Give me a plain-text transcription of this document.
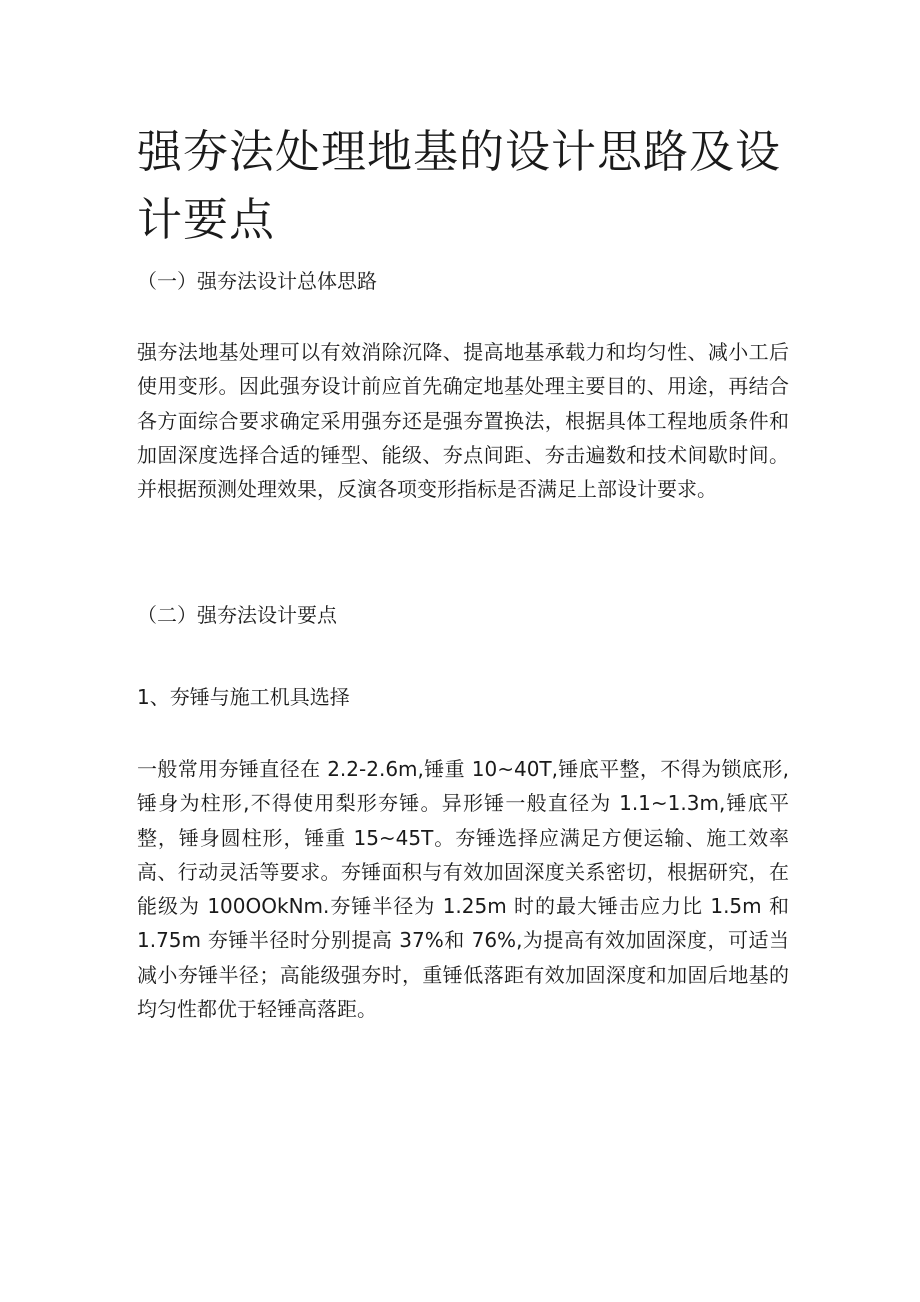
强夯法处理地基的设计思路及设计要点

（一）强夯法设计总体思路

强夯法地基处理可以有效消除沉降、提高地基承载力和均匀性、减小工后使用变形。因此强夯设计前应首先确定地基处理主要目的、用途，再结合各方面综合要求确定采用强夯还是强夯置换法，根据具体工程地质条件和加固深度选择合适的锤型、能级、夯点间距、夯击遍数和技术间歇时间。并根据预测处理效果，反演各项变形指标是否满足上部设计要求。

（二）强夯法设计要点

1、夯锤与施工机具选择

一般常用夯锤直径在 2.2-2.6m,锤重 10~40T,锤底平整，不得为锁底形,锤身为柱形,不得使用梨形夯锤。异形锤一般直径为 1.1~1.3m,锤底平整，锤身圆柱形，锤重 15~45T。夯锤选择应满足方便运输、施工效率高、行动灵活等要求。夯锤面积与有效加固深度关系密切，根据研究，在能级为 100OOkNm.夯锤半径为 1.25m 时的最大锤击应力比 1.5m 和 1.75m 夯锤半径时分别提高 37%和 76%,为提高有效加固深度，可适当减小夯锤半径；高能级强夯时，重锤低落距有效加固深度和加固后地基的均匀性都优于轻锤高落距。
